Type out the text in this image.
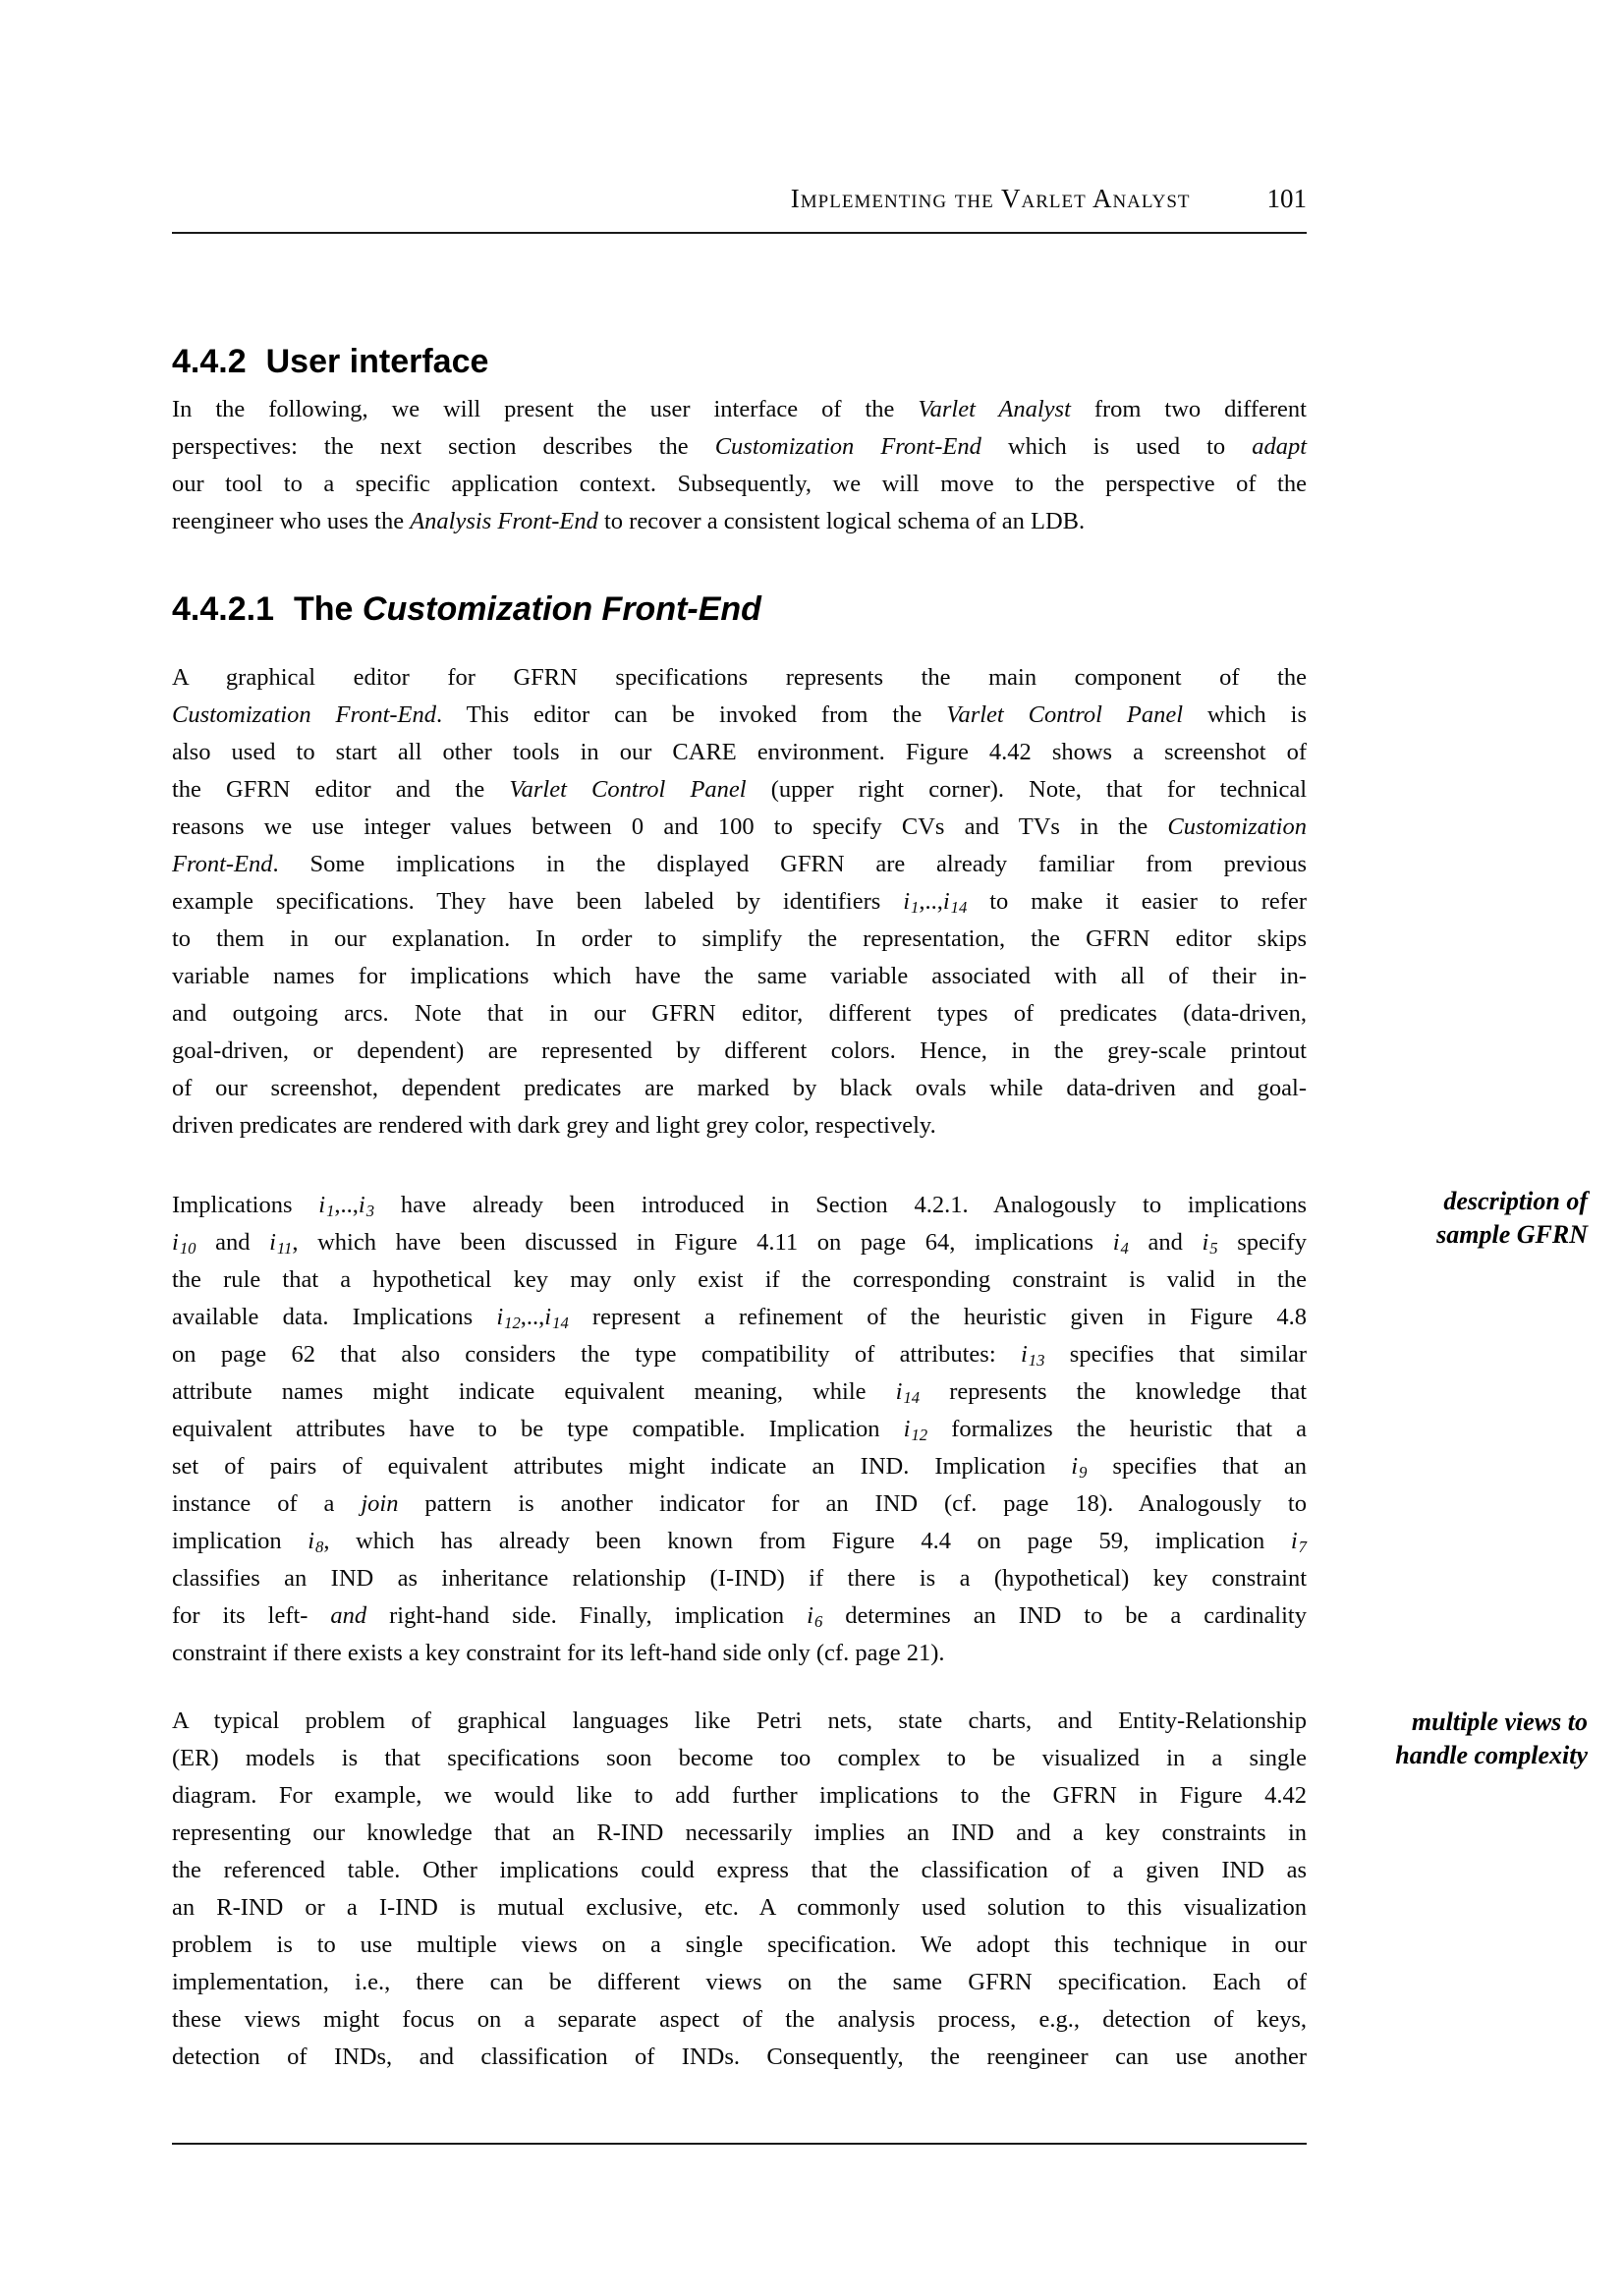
Implementing the Varlet Analyst	101
4.4.2 User interface
In the following, we will present the user interface of the Varlet Analyst from two different
perspectives: the next section describes the Customization Front-End which is used to adapt
our tool to a specific application context. Subsequently, we will move to the perspective of the
reengineer who uses the Analysis Front-End to recover a consistent logical schema of an LDB.
4.4.2.1 The Customization Front-End
A graphical editor for GFRN specifications represents the main component of the
Customization Front-End. This editor can be invoked from the Varlet Control Panel which is
also used to start all other tools in our CARE environment. Figure 4.42 shows a screenshot of
the GFRN editor and the Varlet Control Panel (upper right corner). Note, that for technical
reasons we use integer values between 0 and 100 to specify CVs and TVs in the Customization
Front-End. Some implications in the displayed GFRN are already familiar from previous
example specifications. They have been labeled by identifiers i1,..,i14 to make it easier to refer
to them in our explanation. In order to simplify the representation, the GFRN editor skips
variable names for implications which have the same variable associated with all of their in-
and outgoing arcs. Note that in our GFRN editor, different types of predicates (data-driven,
goal-driven, or dependent) are represented by different colors. Hence, in the grey-scale printout
of our screenshot, dependent predicates are marked by black ovals while data-driven and goal-
driven predicates are rendered with dark grey and light grey color, respectively.
Implications i1,..,i3 have already been introduced in Section 4.2.1. Analogously to implications
i10 and i11, which have been discussed in Figure 4.11 on page 64, implications i4 and i5 specify
the rule that a hypothetical key may only exist if the corresponding constraint is valid in the
available data. Implications i12,..,i14 represent a refinement of the heuristic given in Figure 4.8
on page 62 that also considers the type compatibility of attributes: i13 specifies that similar
attribute names might indicate equivalent meaning, while i14 represents the knowledge that
equivalent attributes have to be type compatible. Implication i12 formalizes the heuristic that a
set of pairs of equivalent attributes might indicate an IND. Implication i9 specifies that an
instance of a join pattern is another indicator for an IND (cf. page 18). Analogously to
implication i8, which has already been known from Figure 4.4 on page 59, implication i7
classifies an IND as inheritance relationship (I-IND) if there is a (hypothetical) key constraint
for its left- and right-hand side. Finally, implication i6 determines an IND to be a cardinality
constraint if there exists a key constraint for its left-hand side only (cf. page 21).
description of
sample GFRN
A typical problem of graphical languages like Petri nets, state charts, and Entity-Relationship
(ER) models is that specifications soon become too complex to be visualized in a single
diagram. For example, we would like to add further implications to the GFRN in Figure 4.42
representing our knowledge that an R-IND necessarily implies an IND and a key constraints in
the referenced table. Other implications could express that the classification of a given IND as
an R-IND or a I-IND is mutual exclusive, etc. A commonly used solution to this visualization
problem is to use multiple views on a single specification. We adopt this technique in our
implementation, i.e., there can be different views on the same GFRN specification. Each of
these views might focus on a separate aspect of the analysis process, e.g., detection of keys,
detection of INDs, and classification of INDs. Consequently, the reengineer can use another
multiple views to
handle complexity
